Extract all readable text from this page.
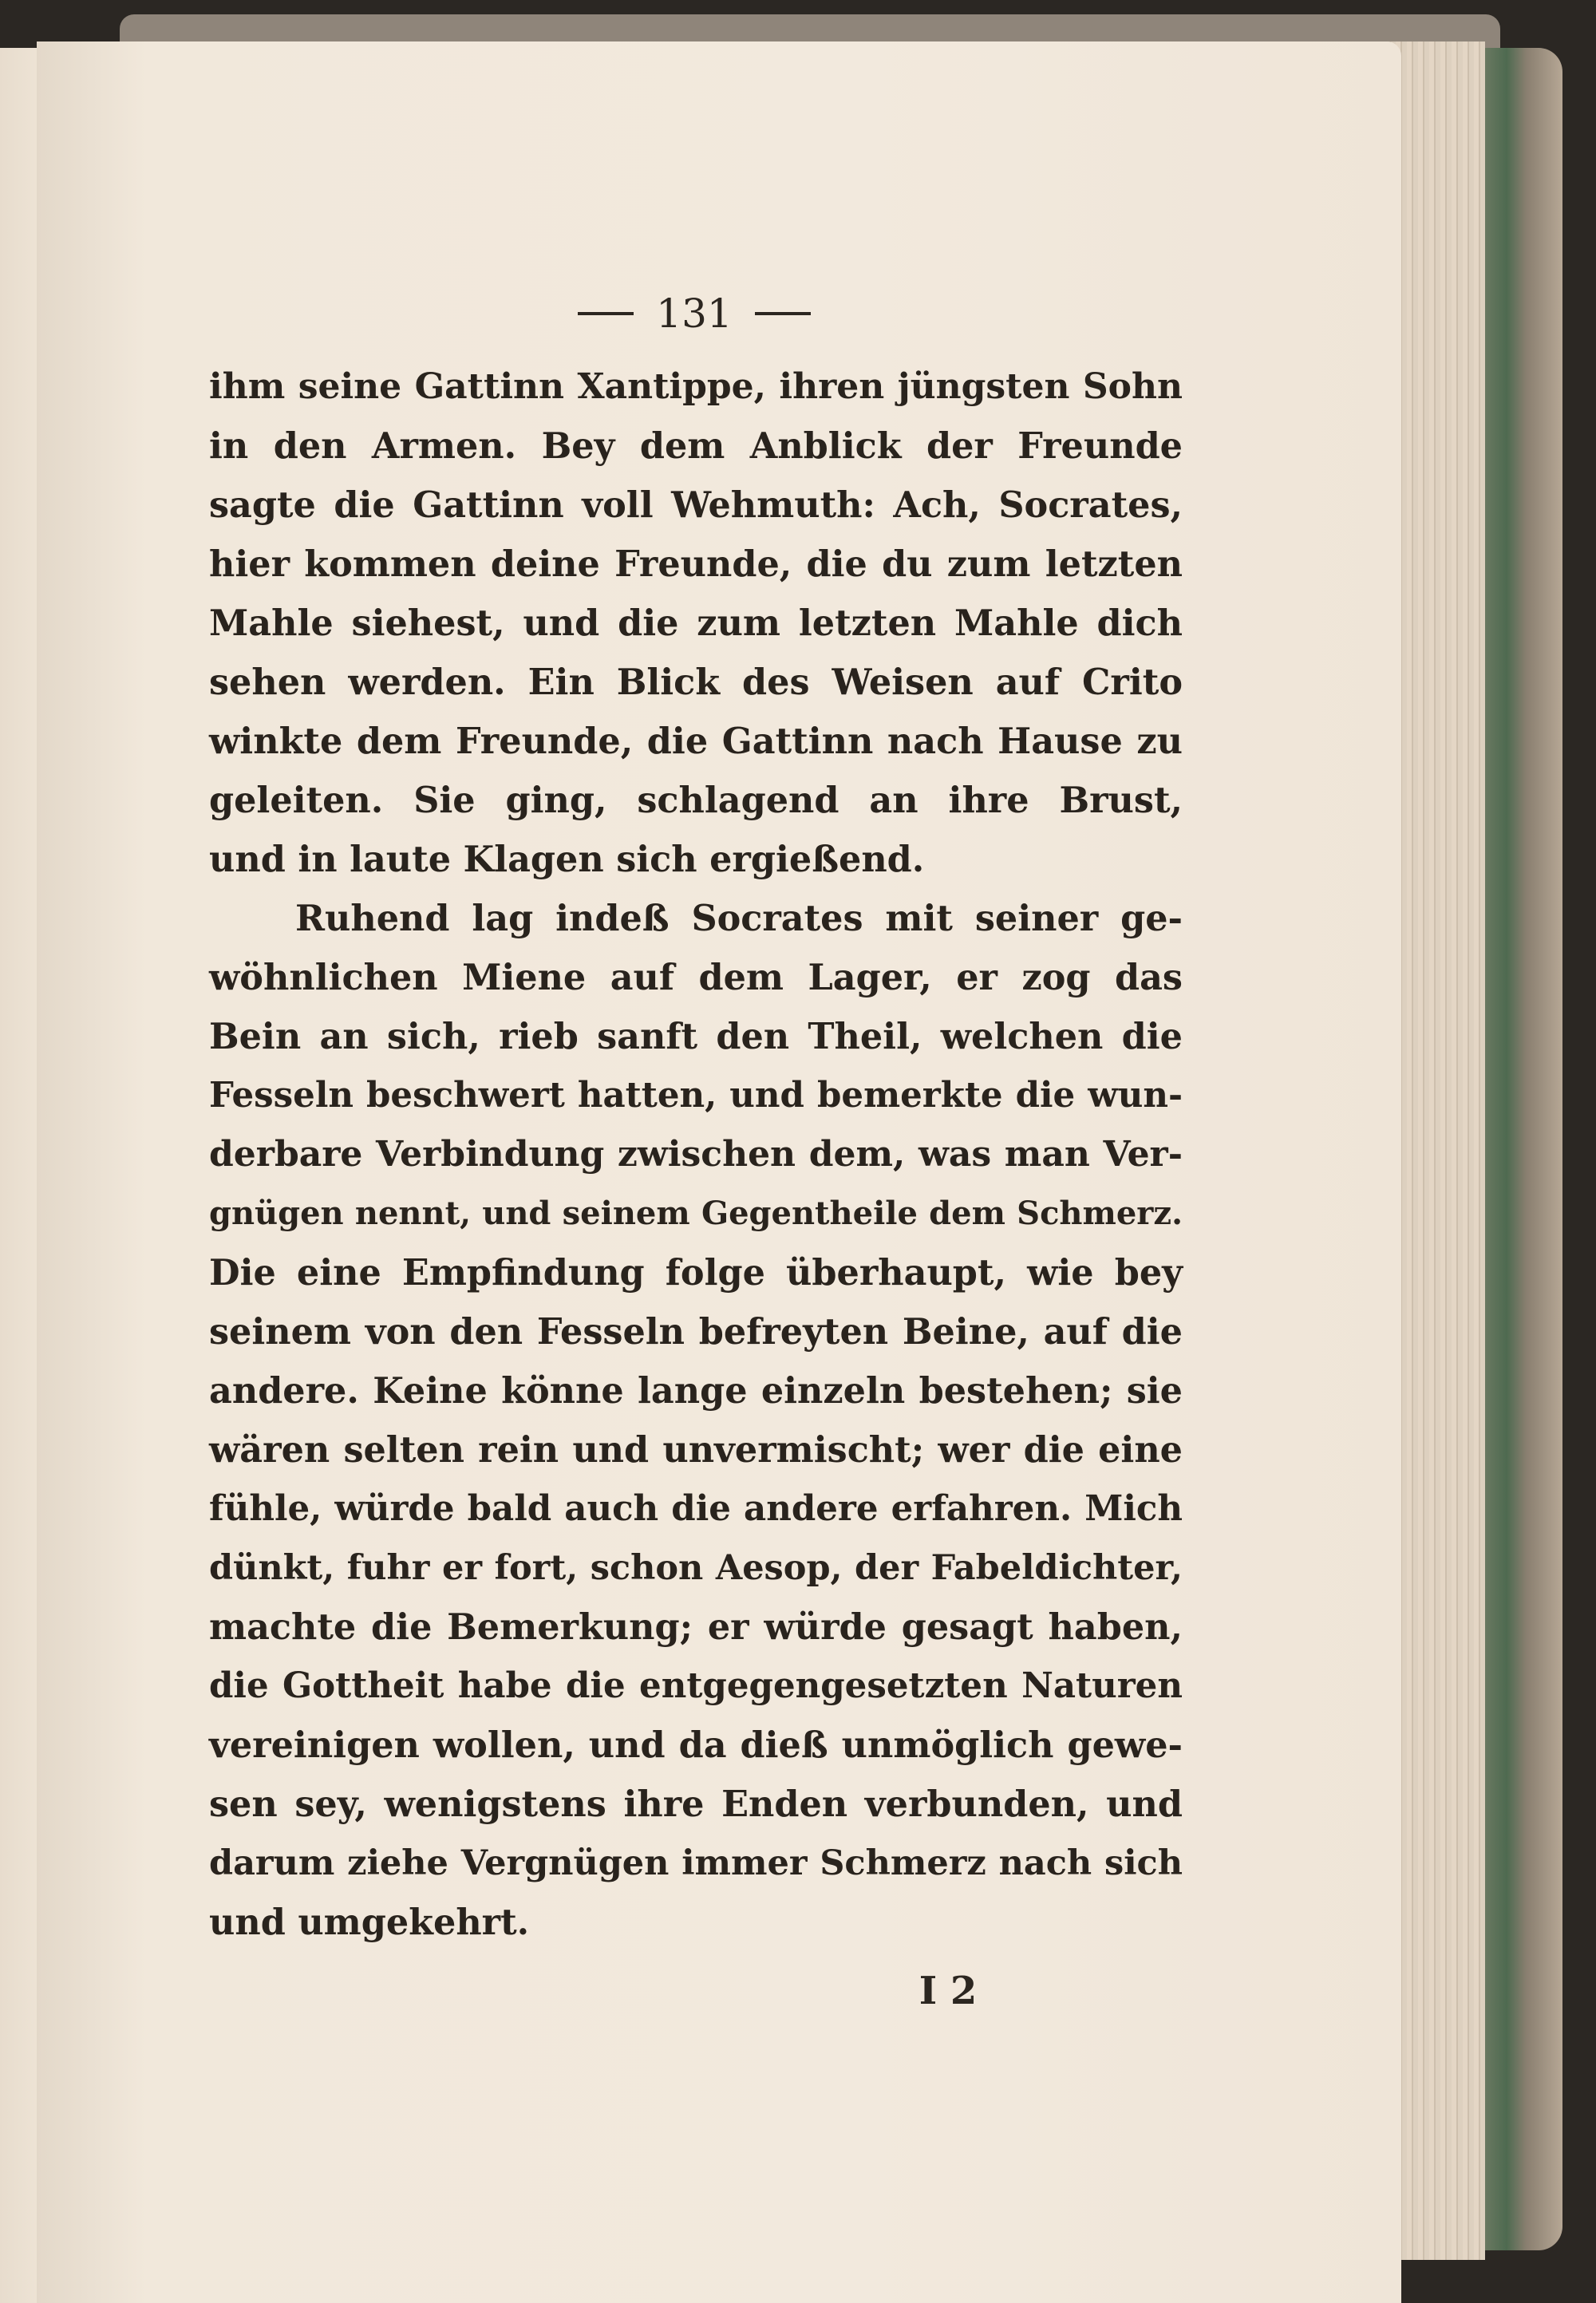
131
ihm seine Gattinn Xantippe, ihren jüngsten Sohn
in den Armen. Bey dem Anblick der Freunde
sagte die Gattinn voll Wehmuth: Ach, Socrates,
hier kommen deine Freunde, die du zum letzten
Mahle siehest, und die zum letzten Mahle dich
sehen werden. Ein Blick des Weisen auf Crito
winkte dem Freunde, die Gattinn nach Hause zu
geleiten. Sie ging, schlagend an ihre Brust,
und in laute Klagen sich ergießend.
Ruhend lag indeß Socrates mit seiner ge-
wöhnlichen Miene auf dem Lager, er zog das
Bein an sich, rieb sanft den Theil, welchen die
Fesseln beschwert hatten, und bemerkte die wun-
derbare Verbindung zwischen dem, was man Ver-
gnügen nennt, und seinem Gegentheile dem Schmerz.
Die eine Empfindung folge überhaupt, wie bey
seinem von den Fesseln befreyten Beine, auf die
andere. Keine könne lange einzeln bestehen; sie
wären selten rein und unvermischt; wer die eine
fühle, würde bald auch die andere erfahren. Mich
dünkt, fuhr er fort, schon Aesop, der Fabeldichter,
machte die Bemerkung; er würde gesagt haben,
die Gottheit habe die entgegengesetzten Naturen
vereinigen wollen, und da dieß unmöglich gewe-
sen sey, wenigstens ihre Enden verbunden, und
darum ziehe Vergnügen immer Schmerz nach sich
und umgekehrt.
I 2
